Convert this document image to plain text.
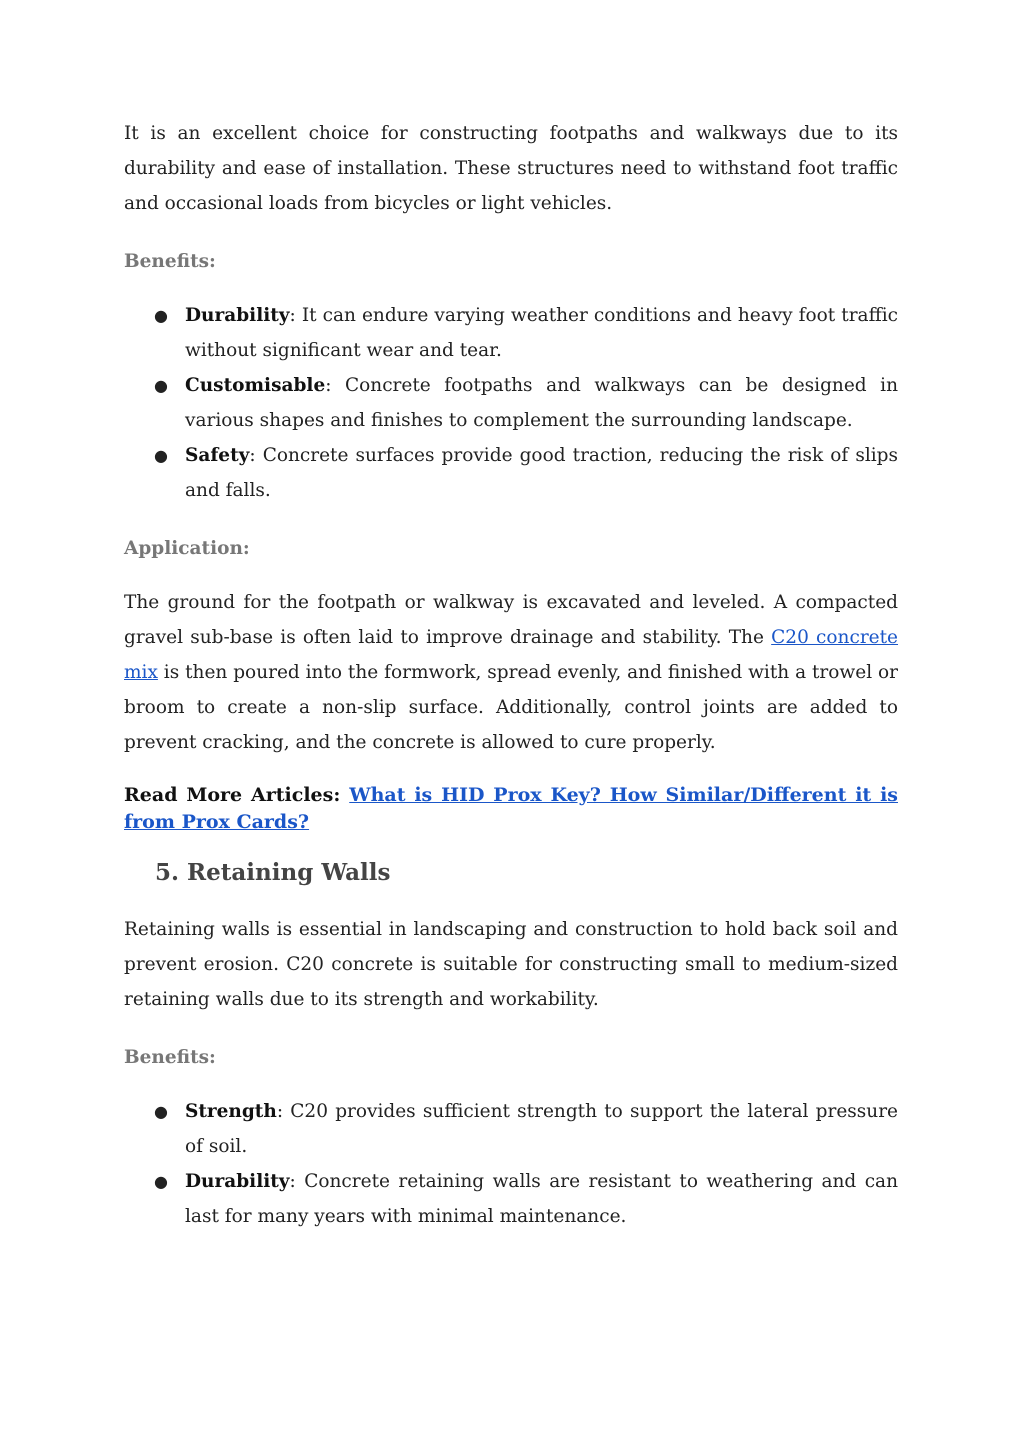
It is an excellent choice for constructing footpaths and walkways due to its durability and ease of installation. These structures need to withstand foot traffic and occasional loads from bicycles or light vehicles.

Benefits:

● Durability: It can endure varying weather conditions and heavy foot traffic without significant wear and tear.
● Customisable: Concrete footpaths and walkways can be designed in various shapes and finishes to complement the surrounding landscape.
● Safety: Concrete surfaces provide good traction, reducing the risk of slips and falls.

Application:

The ground for the footpath or walkway is excavated and leveled. A compacted gravel sub-base is often laid to improve drainage and stability. The C20 concrete mix is then poured into the formwork, spread evenly, and finished with a trowel or broom to create a non-slip surface. Additionally, control joints are added to prevent cracking, and the concrete is allowed to cure properly.

Read More Articles: What is HID Prox Key? How Similar/Different it is from Prox Cards?

5. Retaining Walls

Retaining walls is essential in landscaping and construction to hold back soil and prevent erosion. C20 concrete is suitable for constructing small to medium-sized retaining walls due to its strength and workability.

Benefits:

● Strength: C20 provides sufficient strength to support the lateral pressure of soil.
● Durability: Concrete retaining walls are resistant to weathering and can last for many years with minimal maintenance.
